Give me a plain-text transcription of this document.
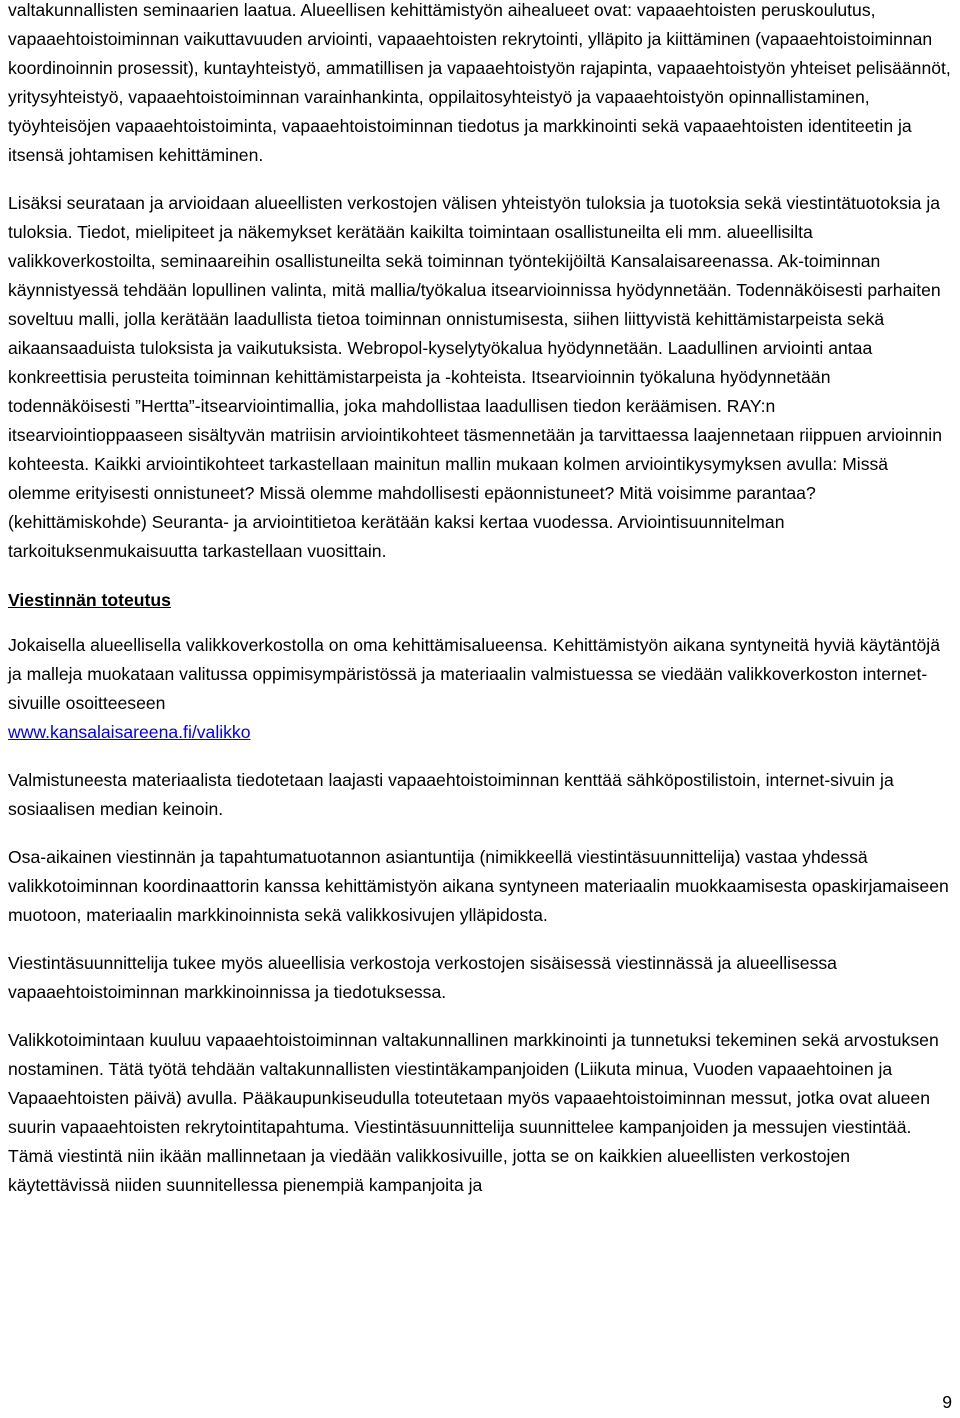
valtakunnallisten seminaarien laatua. Alueellisen kehittämistyön aihealueet ovat: vapaaehtoisten peruskoulutus, vapaaehtoistoiminnan vaikuttavuuden arviointi, vapaaehtoisten rekrytointi, ylläpito ja kiittäminen (vapaaehtoistoiminnan koordinoinnin prosessit), kuntayhteistyö, ammatillisen ja vapaaehtoistyön rajapinta, vapaaehtoistyön yhteiset pelisäännöt, yritysyhteistyö, vapaaehtoistoiminnan varainhankinta, oppilaitosyhteistyö ja vapaaehtoistyön opinnallistaminen, työyhteisöjen vapaaehtoistoiminta, vapaaehtoistoiminnan tiedotus ja markkinointi sekä vapaaehtoisten identiteetin ja itsensä johtamisen kehittäminen.

Lisäksi seurataan ja arvioidaan alueellisten verkostojen välisen yhteistyön tuloksia ja tuotoksia sekä viestintätuotoksia ja tuloksia. Tiedot, mielipiteet ja näkemykset kerätään kaikilta toimintaan osallistuneilta eli mm. alueellisilta valikkoverkostoilta, seminaareihin osallistuneilta sekä toiminnan työntekijöiltä Kansalaisareenassa. Ak-toiminnan käynnistyessä tehdään lopullinen valinta, mitä mallia/työkalua itsearvioinnissa hyödynnetään. Todennäköisesti parhaiten soveltuu malli, jolla kerätään laadullista tietoa toiminnan onnistumisesta, siihen liittyvistä kehittämistarpeista sekä aikaansaaduista tuloksista ja vaikutuksista. Webropol-kyselytyökalua hyödynnetään. Laadullinen arviointi antaa konkreettisia perusteita toiminnan kehittämistarpeista ja -kohteista. Itsearvioinnin työkaluna hyödynnetään todennäköisesti ”Hertta”-itsearviointimallia, joka mahdollistaa laadullisen tiedon keräämisen. RAY:n itsearviointioppaaseen sisältyvän matriisin arviointikohteet täsmennetään ja tarvittaessa laajennetaan riippuen arvioinnin kohteesta. Kaikki arviointikohteet tarkastellaan mainitun mallin mukaan kolmen arviointikysymyksen avulla: Missä olemme erityisesti onnistuneet? Missä olemme mahdollisesti epäonnistuneet? Mitä voisimme parantaa? (kehittämiskohde) Seuranta- ja arviointitietoa kerätään kaksi kertaa vuodessa. Arviointisuunnitelman tarkoituksenmukaisuutta tarkastellaan vuosittain.

Viestinnän toteutus

Jokaisella alueellisella valikkoverkostolla on oma kehittämisalueensa. Kehittämistyön aikana syntyneitä hyviä käytäntöjä ja malleja muokataan valitussa oppimisympäristössä ja materiaalin valmistuessa se viedään valikkoverkoston internet-sivuille osoitteeseen
www.kansalaisareena.fi/valikko

Valmistuneesta materiaalista tiedotetaan laajasti vapaaehtoistoiminnan kenttää sähköpostilistoin, internet-sivuin ja sosiaalisen median keinoin.

Osa-aikainen viestinnän ja tapahtumatuotannon asiantuntija (nimikkeellä viestintäsuunnittelija) vastaa yhdessä valikkotoiminnan koordinaattorin kanssa kehittämistyön aikana syntyneen materiaalin muokkaamisesta opaskirjamaiseen muotoon, materiaalin markkinoinnista sekä valikkosivujen ylläpidosta.

Viestintäsuunnittelija tukee myös alueellisia verkostoja verkostojen sisäisessä viestinnässä ja alueellisessa vapaaehtoistoiminnan markkinoinnissa ja tiedotuksessa.

Valikkotoimintaan kuuluu vapaaehtoistoiminnan valtakunnallinen markkinointi ja tunnetuksi tekeminen sekä arvostuksen nostaminen. Tätä työtä tehdään valtakunnallisten viestintäkampanjoiden (Liikuta minua, Vuoden vapaaehtoinen ja Vapaaehtoisten päivä) avulla. Pääkaupunkiseudulla toteutetaan myös vapaaehtoistoiminnan messut, jotka ovat alueen suurin vapaaehtoisten rekrytointitapahtuma. Viestintäsuunnittelija suunnittelee kampanjoiden ja messujen viestintää. Tämä viestintä niin ikään mallinnetaan ja viedään valikkosivuille, jotta se on kaikkien alueellisten verkostojen käytettävissä niiden suunnitellessa pienempiä kampanjoita ja

9
